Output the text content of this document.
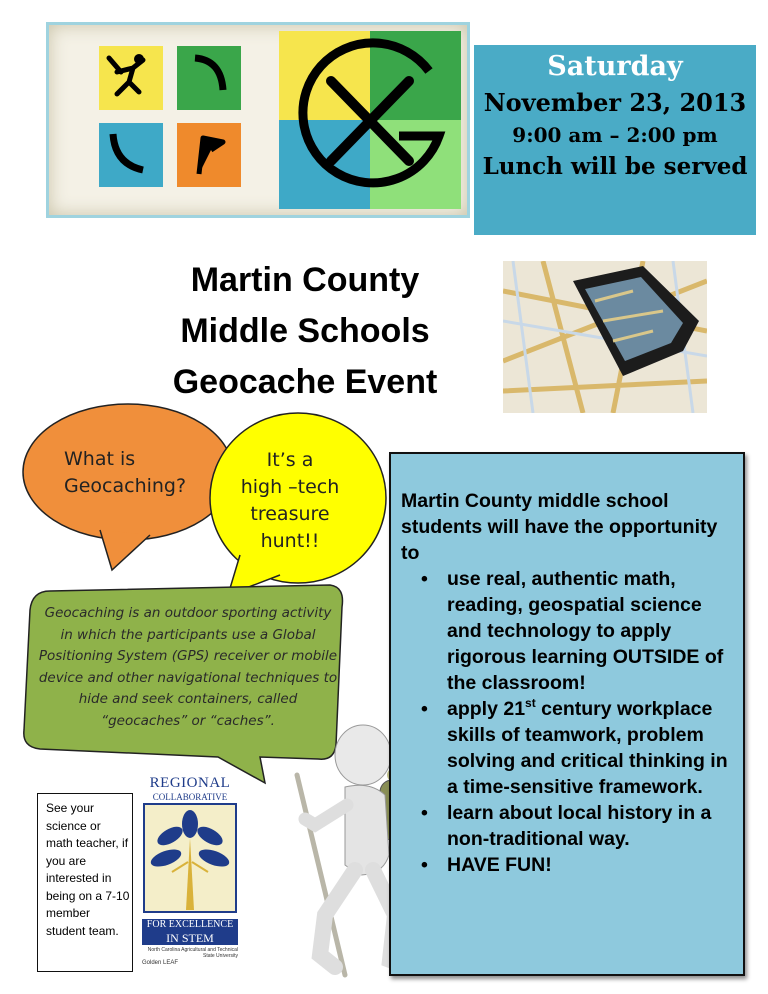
Saturday
November 23, 2013
9:00 am – 2:00 pm
Lunch will be served
Martin County
Middle Schools
Geocache Event
What is
Geocaching?
It’s a
high –tech
treasure
hunt!!
Geocaching is an outdoor sporting activity in which the participants use a Global Positioning System (GPS) receiver or mobile device and other navigational techniques to hide and seek containers, called “geocaches” or “caches”.
Martin County middle school students will have the opportunity to
• use real, authentic math, reading, geospatial science and technology to apply rigorous learning OUTSIDE of the classroom!
• apply 21st century workplace skills of teamwork, problem solving and critical thinking in a time-sensitive framework.
• learn about local history in a non-traditional way.
• HAVE FUN!
See your science or math teacher, if you are interested in being on a 7-10 member student team.
REGIONAL
COLLABORATIVE
FOR EXCELLENCE
IN STEM
North Carolina Agricultural and Technical State University
Golden LEAF
